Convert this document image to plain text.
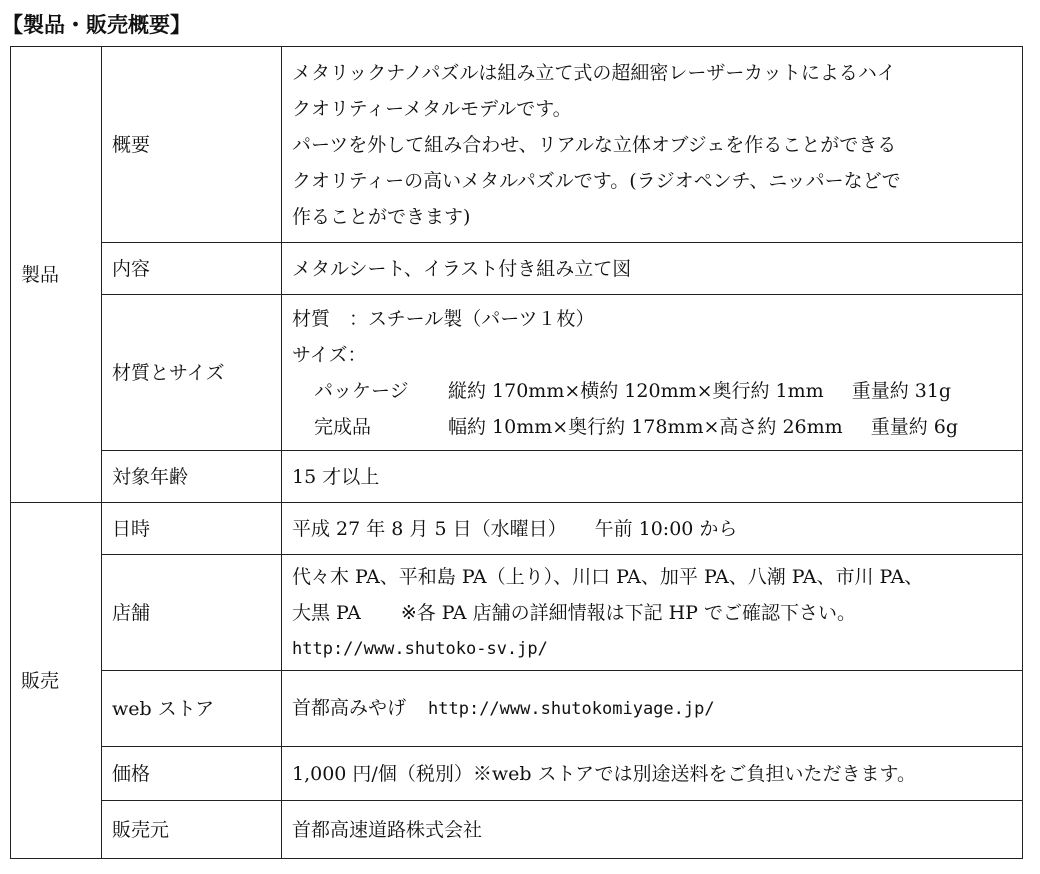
【製品・販売概要】
製品	概要	メタリックナノパズルは組み立て式の超細密レーザーカットによるハイ
クオリティーメタルモデルです。
パーツを外して組み合わせ、リアルな立体オブジェを作ることができる
クオリティーの高いメタルパズルです。(ラジオペンチ、ニッパーなどで
作ることができます)

	内容	メタルシート、イラスト付き組み立て図
	材質とサイズ	材質　：スチール製（パーツ１枚）
サイズ：
パッケージ 縦約 170mm×横約 120mm×奥行約 1mm 重量約 31g
完成品 幅約 10mm×奥行約 178mm×高さ約 26mm 重量約 6g

	対象年齢	15 才以上
販売	日時	平成 27 年 8 月 5 日（水曜日） 午前 10:00 から
	店舗	代々木 PA、平和島 PA（上り）、川口 PA、加平 PA、八潮 PA、市川 PA、
大黒 PA ※各 PA 店舗の詳細情報は下記 HP でご確認下さい。
http://www.shutoko-sv.jp/

	web ストア	首都高みやげ http://www.shutokomiyage.jp/
	価格	1,000 円/個（税別）※web ストアでは別途送料をご負担いただきます。
	販売元	首都高速道路株式会社
